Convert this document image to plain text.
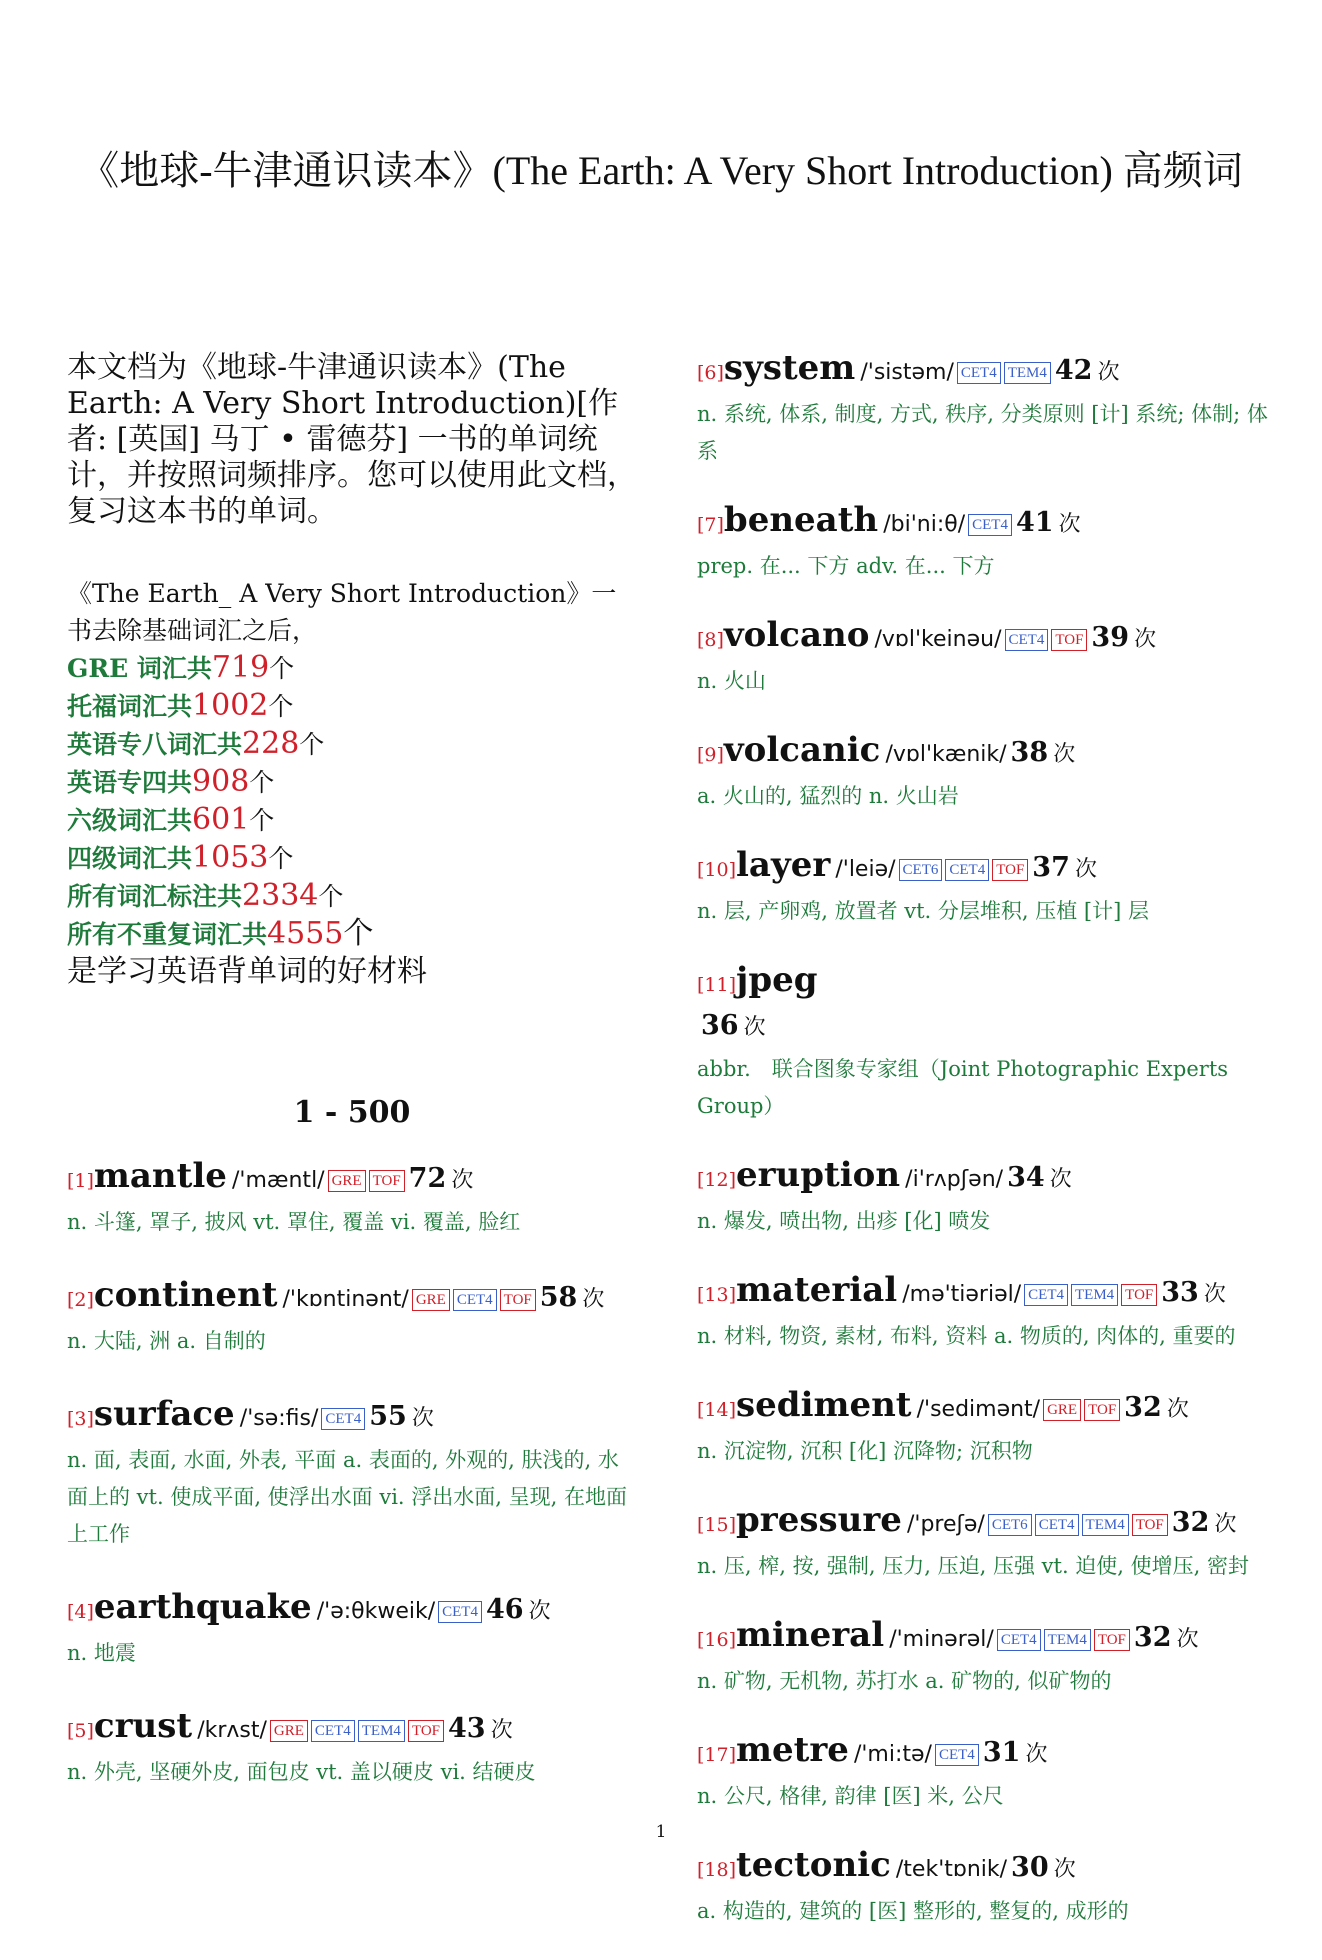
《地球-牛津通识读本》(The Earth: A Very Short Introduction) 高频词

本文档为《地球-牛津通识读本》(The Earth: A Very Short Introduction)[作者: [英国] 马丁 • 雷德芬] 一书的单词统计，并按照词频排序。您可以使用此文档，复习这本书的单词。

《The Earth_ A Very Short Introduction》一书去除基础词汇之后，
GRE 词汇共719个
托福词汇共1002个
英语专八词汇共228个
英语专四共908个
六级词汇共601个
四级词汇共1053个
所有词汇标注共2334个
所有不重复词汇共4555个
是学习英语背单词的好材料
1 - 500
[1]mantle /'mæntl/ GRE TOF 72 次
n. 斗篷, 罩子, 披风 vt. 罩住, 覆盖 vi. 覆盖, 脸红
[2]continent /'kɒntinənt/ GRE CET4 TOF 58 次
n. 大陆, 洲 a. 自制的
[3]surface /'sə:fis/ CET4 55 次
n. 面, 表面, 水面, 外表, 平面 a. 表面的, 外观的, 肤浅的, 水面上的 vt. 使成平面, 使浮出水面 vi. 浮出水面, 呈现, 在地面上工作
[4]earthquake /'ə:θkweik/ CET4 46 次
n. 地震
[5]crust /krʌst/ GRE CET4 TEM4 TOF 43 次
n. 外壳, 坚硬外皮, 面包皮 vt. 盖以硬皮 vi. 结硬皮
[6]system /'sistəm/ CET4 TEM4 42 次
n. 系统, 体系, 制度, 方式, 秩序, 分类原则 [计] 系统; 体制; 体系
[7]beneath /bi'ni:θ/ CET4 41 次
prep. 在... 下方 adv. 在... 下方
[8]volcano /vɒl'keinəu/ CET4 TOF 39 次
n. 火山
[9]volcanic /vɒl'kænik/ 38 次
a. 火山的, 猛烈的 n. 火山岩
[10]layer /'leiə/ CET6 CET4 TOF 37 次
n. 层, 产卵鸡, 放置者 vt. 分层堆积, 压植 [计] 层
[11]jpeg
36 次
abbr.　联合图象专家组（Joint Photographic Experts Group）
[12]eruption /i'rʌpʃən/ 34 次
n. 爆发, 喷出物, 出疹 [化] 喷发
[13]material /mə'tiəriəl/ CET4 TEM4 TOF 33 次
n. 材料, 物资, 素材, 布料, 资料 a. 物质的, 肉体的, 重要的
[14]sediment /'sedimənt/ GRE TOF 32 次
n. 沉淀物, 沉积 [化] 沉降物; 沉积物
[15]pressure /'preʃə/ CET6 CET4 TEM4 TOF 32 次
n. 压, 榨, 按, 强制, 压力, 压迫, 压强 vt. 迫使, 使增压, 密封
[16]mineral /'minərəl/ CET4 TEM4 TOF 32 次
n. 矿物, 无机物, 苏打水 a. 矿物的, 似矿物的
[17]metre /'mi:tə/ CET4 31 次
n. 公尺, 格律, 韵律 [医] 米, 公尺
[18]tectonic /tek'tɒnik/ 30 次
a. 构造的, 建筑的 [医] 整形的, 整复的, 成形的
1
